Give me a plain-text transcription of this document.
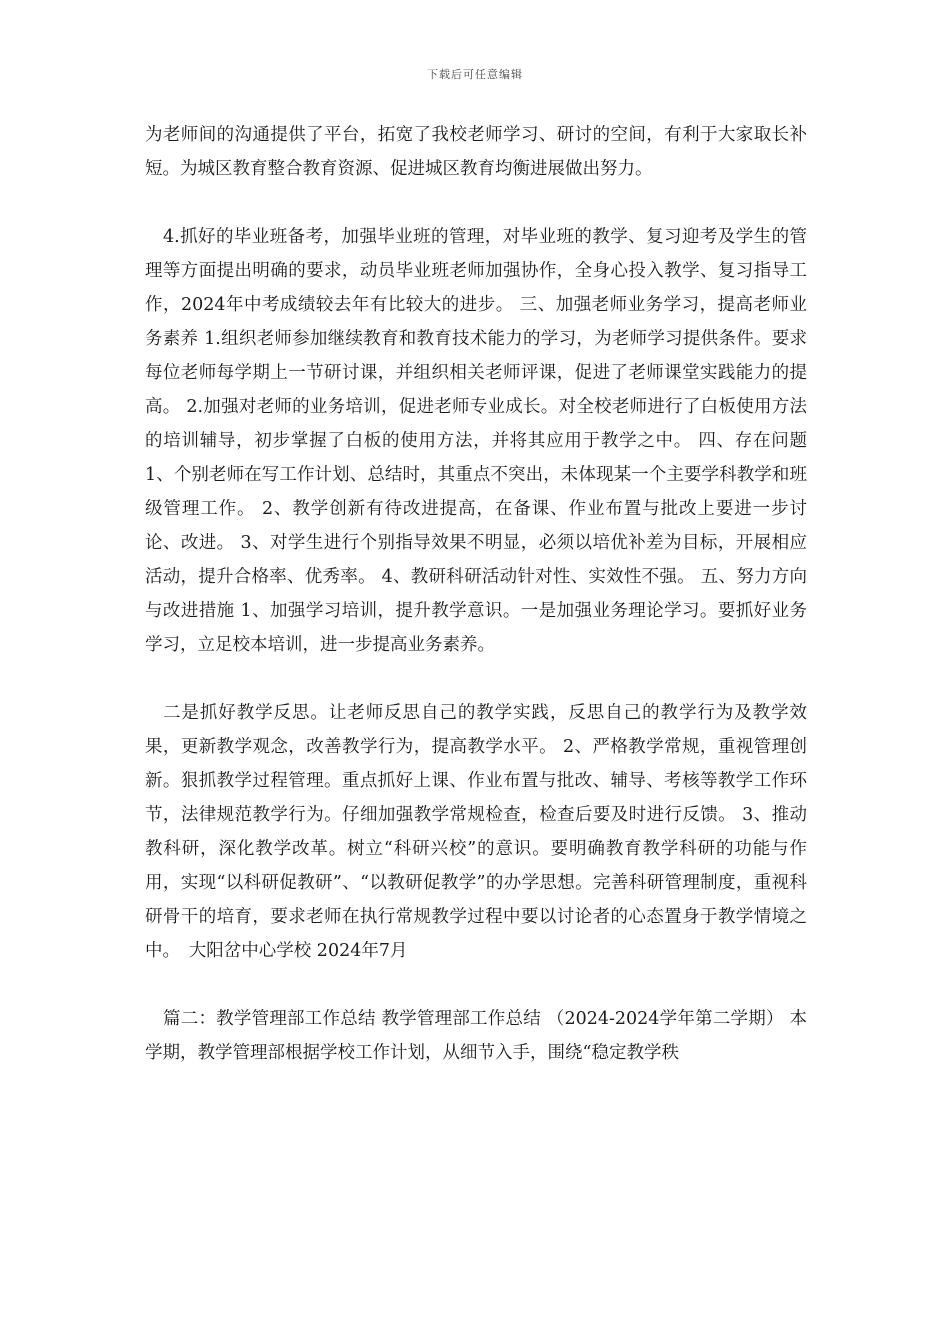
下载后可任意编辑

为老师间的沟通提供了平台，拓宽了我校老师学习、研讨的空间，有利于大家取长补短。为城区教育整合教育资源、促进城区教育均衡进展做出努力。

4.抓好的毕业班备考，加强毕业班的管理，对毕业班的教学、复习迎考及学生的管理等方面提出明确的要求，动员毕业班老师加强协作，全身心投入教学、复习指导工作，2024年中考成绩较去年有比较大的进步。 三、加强老师业务学习，提高老师业务素养 1.组织老师参加继续教育和教育技术能力的学习，为老师学习提供条件。要求每位老师每学期上一节研讨课，并组织相关老师评课，促进了老师课堂实践能力的提高。 2.加强对老师的业务培训，促进老师专业成长。对全校老师进行了白板使用方法的培训辅导，初步掌握了白板的使用方法，并将其应用于教学之中。 四、存在问题 1、个别老师在写工作计划、总结时，其重点不突出，未体现某一个主要学科教学和班级管理工作。 2、教学创新有待改进提高，在备课、作业布置与批改上要进一步讨论、改进。 3、对学生进行个别指导效果不明显，必须以培优补差为目标，开展相应活动，提升合格率、优秀率。 4、教研科研活动针对性、实效性不强。 五、努力方向与改进措施 1、加强学习培训，提升教学意识。一是加强业务理论学习。要抓好业务学习，立足校本培训，进一步提高业务素养。

二是抓好教学反思。让老师反思自己的教学实践，反思自己的教学行为及教学效果，更新教学观念，改善教学行为，提高教学水平。 2、严格教学常规，重视管理创新。狠抓教学过程管理。重点抓好上课、作业布置与批改、辅导、考核等教学工作环节，法律规范教学行为。仔细加强教学常规检查，检查后要及时进行反馈。 3、推动教科研，深化教学改革。树立“科研兴校”的意识。要明确教育教学科研的功能与作用，实现“以科研促教研”、“以教研促教学”的办学思想。完善科研管理制度，重视科研骨干的培育，要求老师在执行常规教学过程中要以讨论者的心态置身于教学情境之中。　大阳岔中心学校 2024年7月

篇二：教学管理部工作总结 教学管理部工作总结 （2024-2024学年第二学期） 本学期，教学管理部根据学校工作计划，从细节入手，围绕“稳定教学秩
